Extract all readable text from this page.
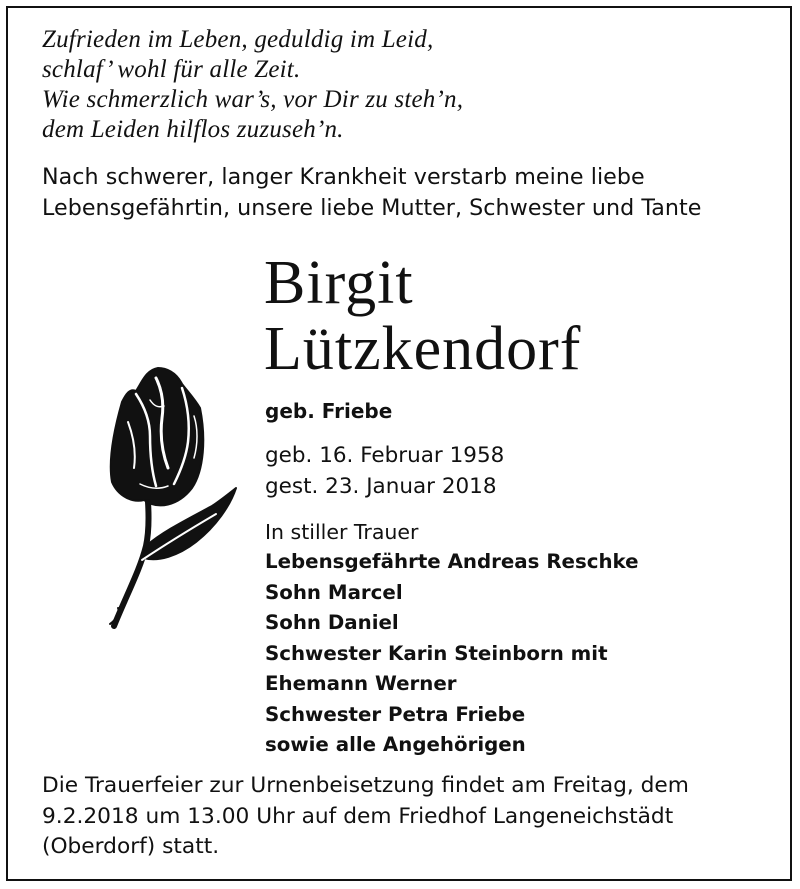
Zufrieden im Leben, geduldig im Leid,
schlaf’ wohl für alle Zeit.
Wie schmerzlich war’s, vor Dir zu steh’n,
dem Leiden hilflos zuzuseh’n.
Nach schwerer, langer Krankheit verstarb meine liebe
Lebensgefährtin, unsere liebe Mutter, Schwester und Tante
Birgit
Lützkendorf
geb. Friebe
geb. 16. Februar 1958
gest. 23. Januar 2018
In stiller Trauer
Lebensgefährte Andreas Reschke
Sohn Marcel
Sohn Daniel
Schwester Karin Steinborn mit
Ehemann Werner
Schwester Petra Friebe
sowie alle Angehörigen
Die Trauerfeier zur Urnenbeisetzung findet am Freitag, dem
9.2.2018 um 13.00 Uhr auf dem Friedhof Langeneichstädt
(Oberdorf) statt.
